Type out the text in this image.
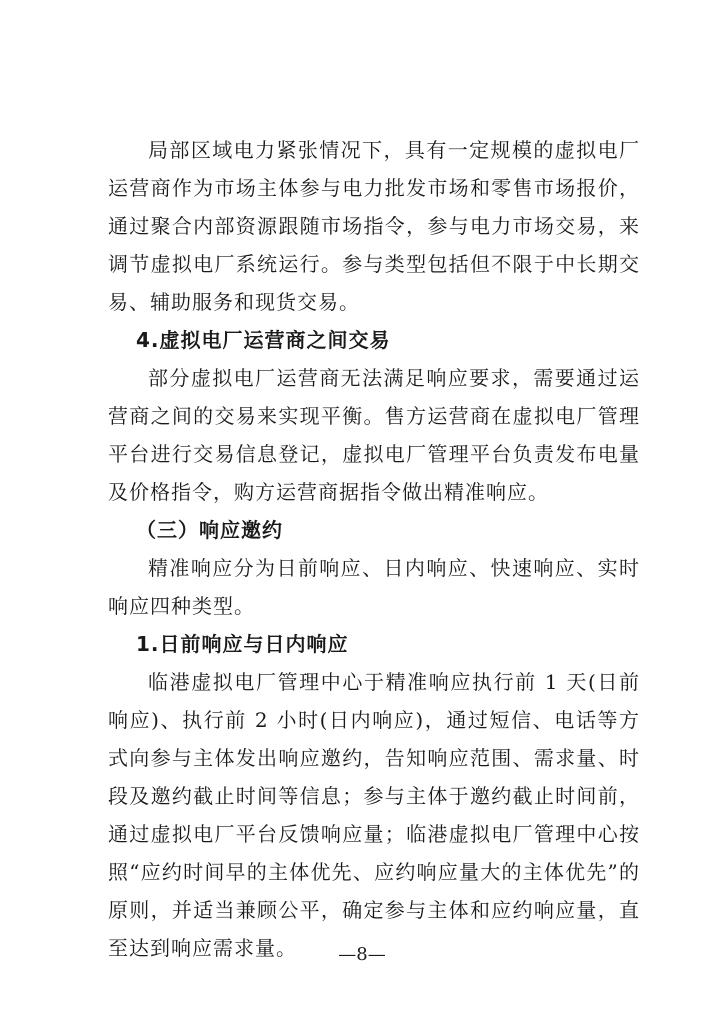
局部区域电力紧张情况下，具有一定规模的虚拟电厂运营商作为市场主体参与电力批发市场和零售市场报价，通过聚合内部资源跟随市场指令，参与电力市场交易，来调节虚拟电厂系统运行。参与类型包括但不限于中长期交易、辅助服务和现货交易。

4.虚拟电厂运营商之间交易

部分虚拟电厂运营商无法满足响应要求，需要通过运营商之间的交易来实现平衡。售方运营商在虚拟电厂管理平台进行交易信息登记，虚拟电厂管理平台负责发布电量及价格指令，购方运营商据指令做出精准响应。

（三）响应邀约

精准响应分为日前响应、日内响应、快速响应、实时响应四种类型。

1.日前响应与日内响应

临港虚拟电厂管理中心于精准响应执行前 1 天(日前响应)、执行前 2 小时(日内响应)，通过短信、电话等方式向参与主体发出响应邀约，告知响应范围、需求量、时段及邀约截止时间等信息；参与主体于邀约截止时间前，通过虚拟电厂平台反馈响应量；临港虚拟电厂管理中心按照“应约时间早的主体优先、应约响应量大的主体优先”的原则，并适当兼顾公平，确定参与主体和应约响应量，直至达到响应需求量。	—8—
